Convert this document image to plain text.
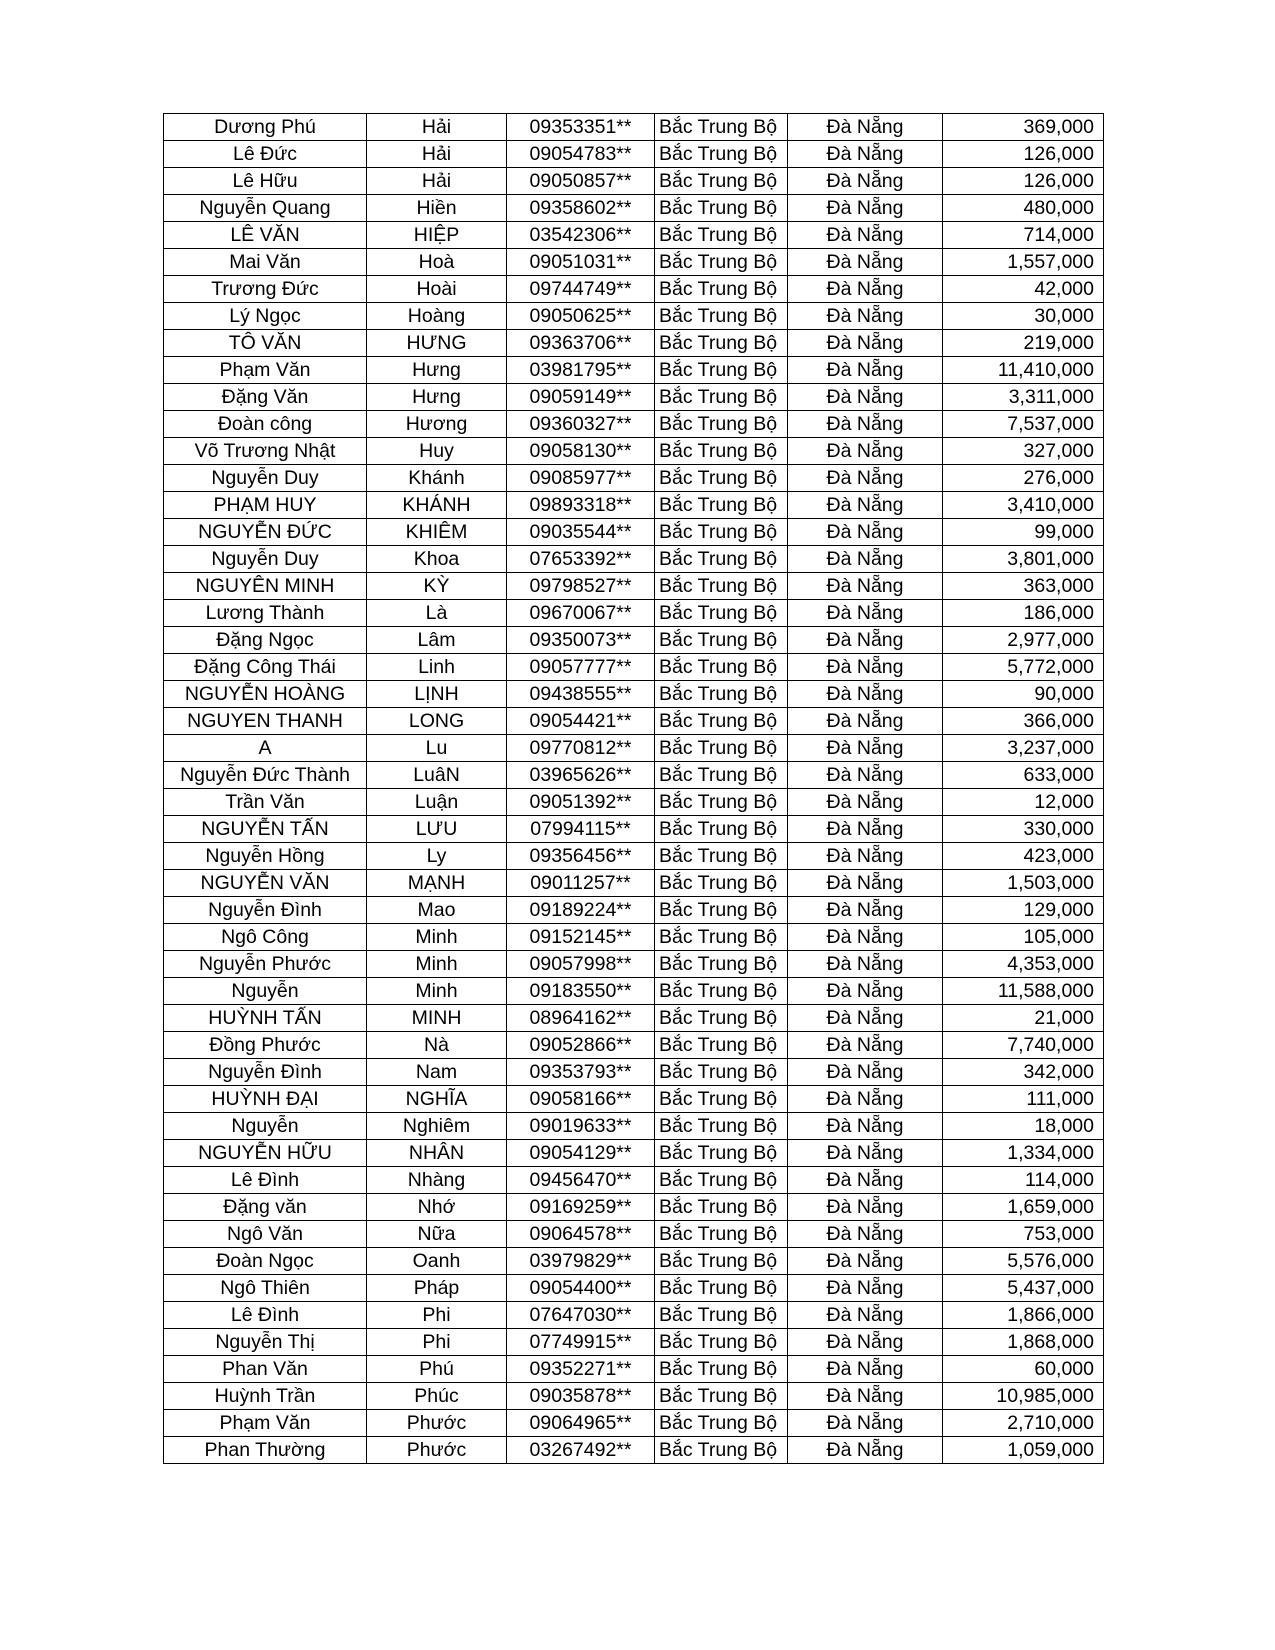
Dương Phú	Hải	09353351**	Bắc Trung Bộ	Đà Nẵng	369,000
Lê Đức	Hải	09054783**	Bắc Trung Bộ	Đà Nẵng	126,000
Lê Hữu	Hải	09050857**	Bắc Trung Bộ	Đà Nẵng	126,000
Nguyễn Quang	Hiền	09358602**	Bắc Trung Bộ	Đà Nẵng	480,000
LÊ VĂN	HIỆP	03542306**	Bắc Trung Bộ	Đà Nẵng	714,000
Mai Văn	Hoà	09051031**	Bắc Trung Bộ	Đà Nẵng	1,557,000
Trương Đức	Hoài	09744749**	Bắc Trung Bộ	Đà Nẵng	42,000
Lý Ngọc	Hoàng	09050625**	Bắc Trung Bộ	Đà Nẵng	30,000
TÔ VĂN	HƯNG	09363706**	Bắc Trung Bộ	Đà Nẵng	219,000
Phạm Văn	Hưng	03981795**	Bắc Trung Bộ	Đà Nẵng	11,410,000
Đặng Văn	Hưng	09059149**	Bắc Trung Bộ	Đà Nẵng	3,311,000
Đoàn công	Hương	09360327**	Bắc Trung Bộ	Đà Nẵng	7,537,000
Võ Trương Nhật	Huy	09058130**	Bắc Trung Bộ	Đà Nẵng	327,000
Nguyễn Duy	Khánh	09085977**	Bắc Trung Bộ	Đà Nẵng	276,000
PHẠM HUY	KHÁNH	09893318**	Bắc Trung Bộ	Đà Nẵng	3,410,000
NGUYỄN ĐỨC	KHIÊM	09035544**	Bắc Trung Bộ	Đà Nẵng	99,000
Nguyễn Duy	Khoa	07653392**	Bắc Trung Bộ	Đà Nẵng	3,801,000
NGUYÊN MINH	KỲ	09798527**	Bắc Trung Bộ	Đà Nẵng	363,000
Lương Thành	Là	09670067**	Bắc Trung Bộ	Đà Nẵng	186,000
Đặng Ngọc	Lâm	09350073**	Bắc Trung Bộ	Đà Nẵng	2,977,000
Đặng Công Thái	Linh	09057777**	Bắc Trung Bộ	Đà Nẵng	5,772,000
NGUYỄN HOÀNG	LỊNH	09438555**	Bắc Trung Bộ	Đà Nẵng	90,000
NGUYEN THANH	LONG	09054421**	Bắc Trung Bộ	Đà Nẵng	366,000
A	Lu	09770812**	Bắc Trung Bộ	Đà Nẵng	3,237,000
Nguyễn Đức Thành	LuâN	03965626**	Bắc Trung Bộ	Đà Nẵng	633,000
Trần Văn	Luận	09051392**	Bắc Trung Bộ	Đà Nẵng	12,000
NGUYỄN TẤN	LƯU	07994115**	Bắc Trung Bộ	Đà Nẵng	330,000
Nguyễn Hồng	Ly	09356456**	Bắc Trung Bộ	Đà Nẵng	423,000
NGUYỄN VĂN	MẠNH	09011257**	Bắc Trung Bộ	Đà Nẵng	1,503,000
Nguyễn Đình	Mao	09189224**	Bắc Trung Bộ	Đà Nẵng	129,000
Ngô Công	Minh	09152145**	Bắc Trung Bộ	Đà Nẵng	105,000
Nguyễn Phước	Minh	09057998**	Bắc Trung Bộ	Đà Nẵng	4,353,000
Nguyễn	Minh	09183550**	Bắc Trung Bộ	Đà Nẵng	11,588,000
HUỲNH TẤN	MINH	08964162**	Bắc Trung Bộ	Đà Nẵng	21,000
Đồng Phước	Nà	09052866**	Bắc Trung Bộ	Đà Nẵng	7,740,000
Nguyễn Đình	Nam	09353793**	Bắc Trung Bộ	Đà Nẵng	342,000
HUỲNH ĐẠI	NGHĨA	09058166**	Bắc Trung Bộ	Đà Nẵng	111,000
Nguyễn	Nghiêm	09019633**	Bắc Trung Bộ	Đà Nẵng	18,000
NGUYỄN HỮU	NHÂN	09054129**	Bắc Trung Bộ	Đà Nẵng	1,334,000
Lê Đình	Nhàng	09456470**	Bắc Trung Bộ	Đà Nẵng	114,000
Đặng văn	Nhớ	09169259**	Bắc Trung Bộ	Đà Nẵng	1,659,000
Ngô Văn	Nữa	09064578**	Bắc Trung Bộ	Đà Nẵng	753,000
Đoàn Ngọc	Oanh	03979829**	Bắc Trung Bộ	Đà Nẵng	5,576,000
Ngô Thiên	Pháp	09054400**	Bắc Trung Bộ	Đà Nẵng	5,437,000
Lê Đình	Phi	07647030**	Bắc Trung Bộ	Đà Nẵng	1,866,000
Nguyễn Thị	Phi	07749915**	Bắc Trung Bộ	Đà Nẵng	1,868,000
Phan Văn	Phú	09352271**	Bắc Trung Bộ	Đà Nẵng	60,000
Huỳnh Trần	Phúc	09035878**	Bắc Trung Bộ	Đà Nẵng	10,985,000
Phạm Văn	Phước	09064965**	Bắc Trung Bộ	Đà Nẵng	2,710,000
Phan Thường	Phước	03267492**	Bắc Trung Bộ	Đà Nẵng	1,059,000
